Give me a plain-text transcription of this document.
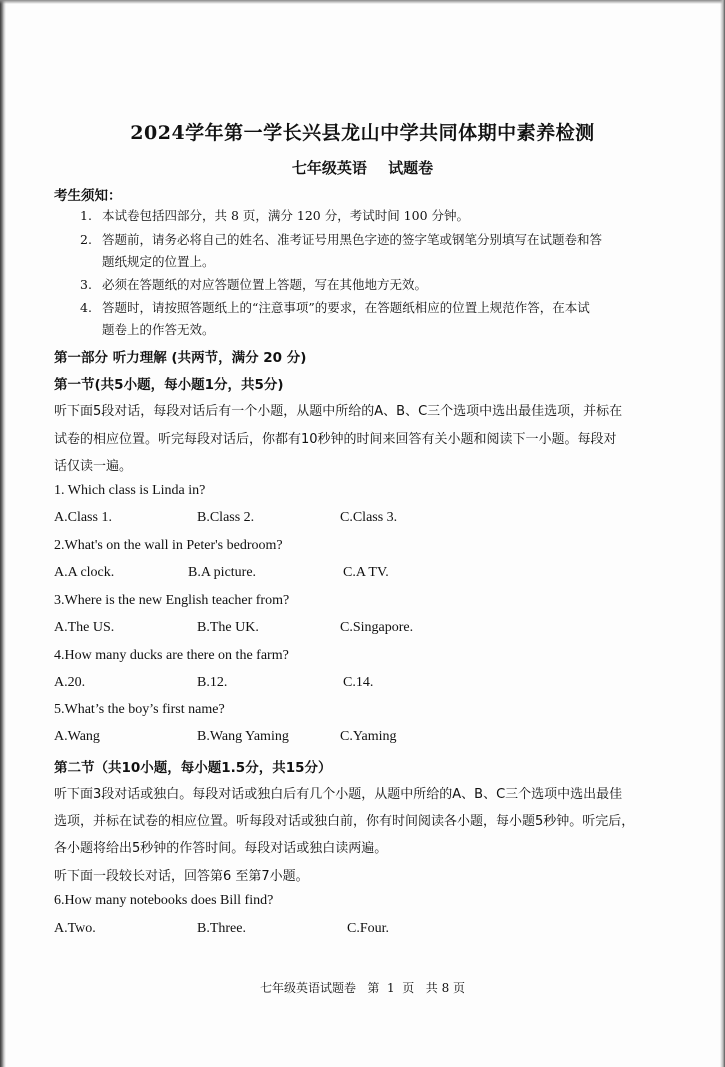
2024学年第一学长兴县龙山中学共同体期中素养检测
七年级英语 试题卷
考生须知：
1. 本试卷包括四部分，共 8 页，满分 120 分，考试时间 100 分钟。
2. 答题前，请务必将自己的姓名、准考证号用黑色字迹的签字笔或钢笔分别填写在试题卷和答
题纸规定的位置上。
3. 必须在答题纸的对应答题位置上答题，写在其他地方无效。
4. 答题时，请按照答题纸上的“注意事项”的要求，在答题纸相应的位置上规范作答，在本试
题卷上的作答无效。
第一部分 听力理解 (共两节，满分 20 分)
第一节(共5小题，每小题1分，共5分)
听下面5段对话，每段对话后有一个小题，从题中所给的A、B、C三个选项中选出最佳选项，并标在
试卷的相应位置。听完每段对话后，你都有10秒钟的时间来回答有关小题和阅读下一小题。每段对
话仅读一遍。
1. Which class is Linda in?
A.Class 1.	B.Class 2.	C.Class 3.
2.What's on the wall in Peter's bedroom?
A.A clock.	B.A picture.	C.A TV.
3.Where is the new English teacher from?
A.The US.	B.The UK.	C.Singapore.
4.How many ducks are there on the farm?
A.20.	B.12.	C.14.
5.What’s the boy’s first name?
A.Wang	B.Wang Yaming	C.Yaming
第二节（共10小题，每小题1.5分，共15分）
听下面3段对话或独白。每段对话或独白后有几个小题，从题中所给的A、B、C三个选项中选出最佳
选项，并标在试卷的相应位置。听每段对话或独白前，你有时间阅读各小题，每小题5秒钟。听完后，
各小题将给出5秒钟的作答时间。每段对话或独白读两遍。
听下面一段较长对话，回答第6 至第7小题。
6.How many notebooks does Bill find?
A.Two.	B.Three.	C.Four.
七年级英语试题卷   第  1  页   共 8 页
